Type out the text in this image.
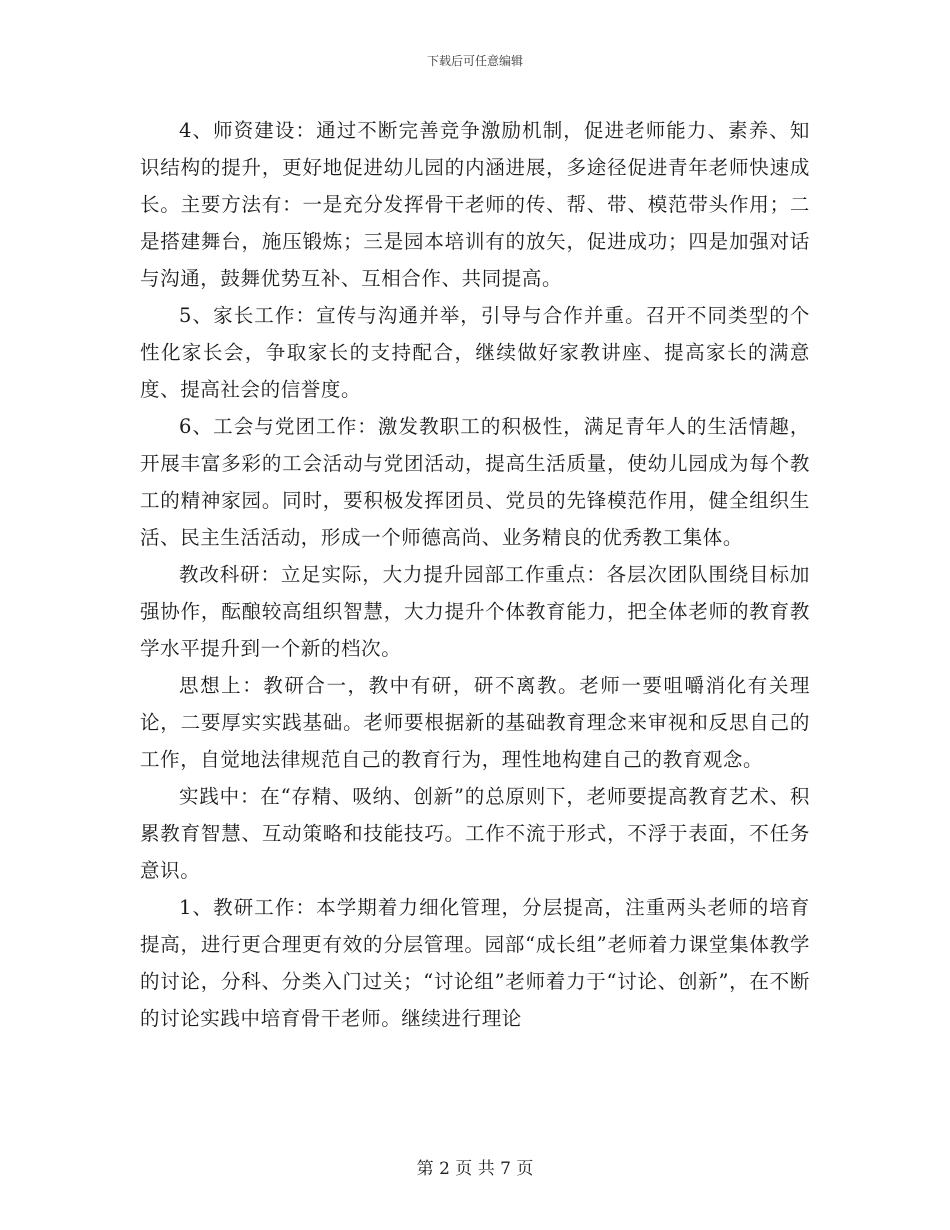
下载后可任意编辑

4、师资建设：通过不断完善竞争激励机制，促进老师能力、素养、知识结构的提升，更好地促进幼儿园的内涵进展，多途径促进青年老师快速成长。主要方法有：一是充分发挥骨干老师的传、帮、带、模范带头作用；二是搭建舞台，施压锻炼；三是园本培训有的放矢，促进成功；四是加强对话与沟通，鼓舞优势互补、互相合作、共同提高。

5、家长工作：宣传与沟通并举，引导与合作并重。召开不同类型的个性化家长会，争取家长的支持配合，继续做好家教讲座、提高家长的满意度、提高社会的信誉度。

6、工会与党团工作：激发教职工的积极性，满足青年人的生活情趣，开展丰富多彩的工会活动与党团活动，提高生活质量，使幼儿园成为每个教工的精神家园。同时，要积极发挥团员、党员的先锋模范作用，健全组织生活、民主生活活动，形成一个师德高尚、业务精良的优秀教工集体。

教改科研：立足实际，大力提升园部工作重点：各层次团队围绕目标加强协作，酝酿较高组织智慧，大力提升个体教育能力，把全体老师的教育教学水平提升到一个新的档次。

思想上：教研合一，教中有研，研不离教。老师一要咀嚼消化有关理论，二要厚实实践基础。老师要根据新的基础教育理念来审视和反思自己的工作，自觉地法律规范自己的教育行为，理性地构建自己的教育观念。

实践中：在“存精、吸纳、创新”的总原则下，老师要提高教育艺术、积累教育智慧、互动策略和技能技巧。工作不流于形式，不浮于表面，不任务意识。

1、教研工作：本学期着力细化管理，分层提高，注重两头老师的培育提高，进行更合理更有效的分层管理。园部“成长组”老师着力课堂集体教学的讨论，分科、分类入门过关；“讨论组”老师着力于“讨论、创新”，在不断的讨论实践中培育骨干老师。继续进行理论

第 2 页 共 7 页
